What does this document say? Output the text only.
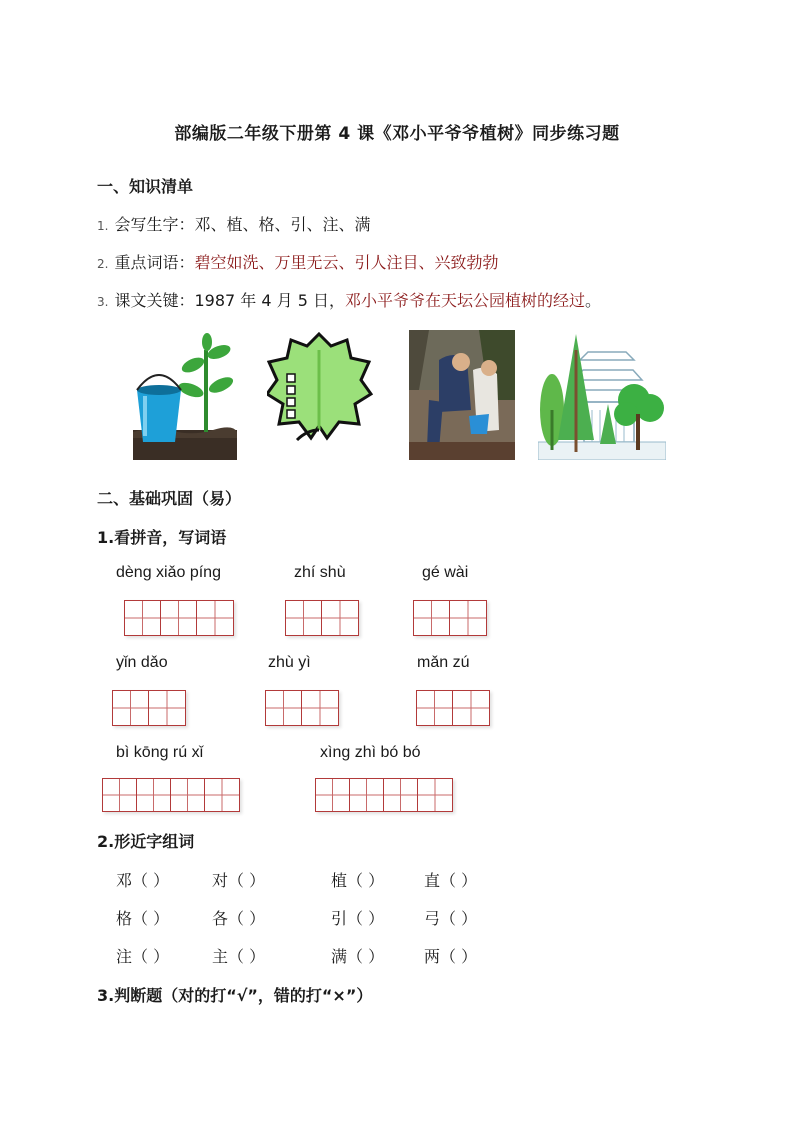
部编版二年级下册第 4 课《邓小平爷爷植树》同步练习题
一、知识清单
1. 会写生字：邓、植、格、引、注、满
2. 重点词语：碧空如洗、万里无云、引人注目、兴致勃勃
3. 课文关键：1987 年 4 月 5 日，邓小平爷爷在天坛公园植树的经过。
二、基础巩固（易）
1.看拼音，写词语
dèng xiǎo píng	zhí shù	gé wài
yǐn dǎo	zhù yì	mǎn zú
bì kōng rú xǐ	xìng zhì bó bó
2.形近字组词
邓（ ）	对（ ）	植（ ） 直（ ）
格（ ）	各（ ）	引（ ） 弓（ ）
注（ ）	主（ ）	满（ ） 两（ ）
3.判断题（对的打“√”，错的打“×”）
